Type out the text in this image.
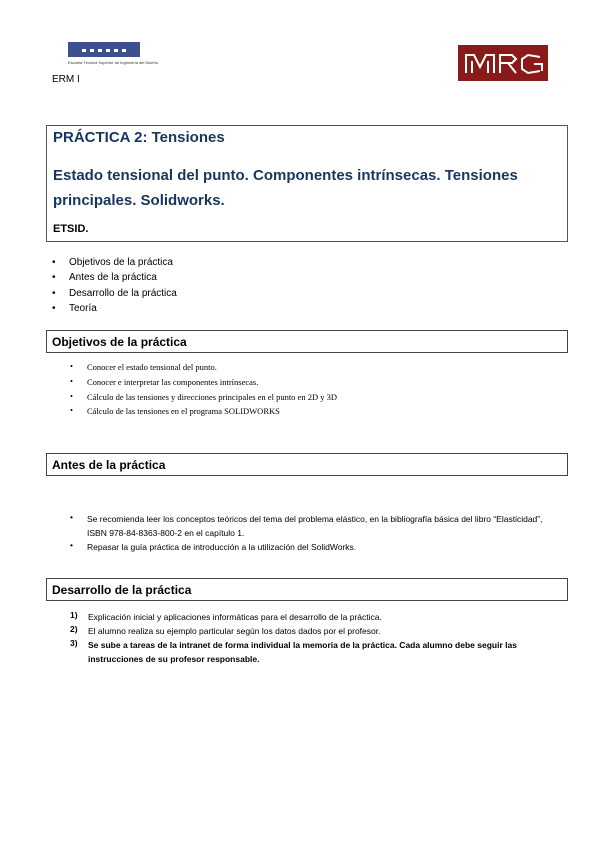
Escuela Técnica Superior de Ingeniería del Diseño
ERM I
PRÁCTICA 2: Tensiones
Estado tensional del punto. Componentes intrínsecas. Tensiones principales. Solidworks.
ETSID.
• Objetivos de la práctica
• Antes de la práctica
• Desarrollo de la práctica
• Teoría
Objetivos de la práctica
• Conocer el estado tensional del punto.
• Conocer e interpretar las componentes intrínsecas.
• Cálculo de las tensiones y direcciones principales en el punto en 2D y 3D
• Cálculo de las tensiones en el programa SOLIDWORKS
Antes de la práctica
• Se recomienda leer los conceptos teóricos del tema del problema elástico, en la bibliografía básica del libro “Elasticidad”, ISBN 978-84-8363-800-2 en el capítulo 1.
• Repasar la guía práctica de introducción a la utilización del SolidWorks.
Desarrollo de la práctica
1) Explicación inicial y aplicaciones informáticas para el desarrollo de la práctica.
2) El alumno realiza su ejemplo particular según los datos dados por el profesor.
3) Se sube a tareas de la intranet de forma individual la memoria de la práctica. Cada alumno debe seguir las instrucciones de su profesor responsable.
